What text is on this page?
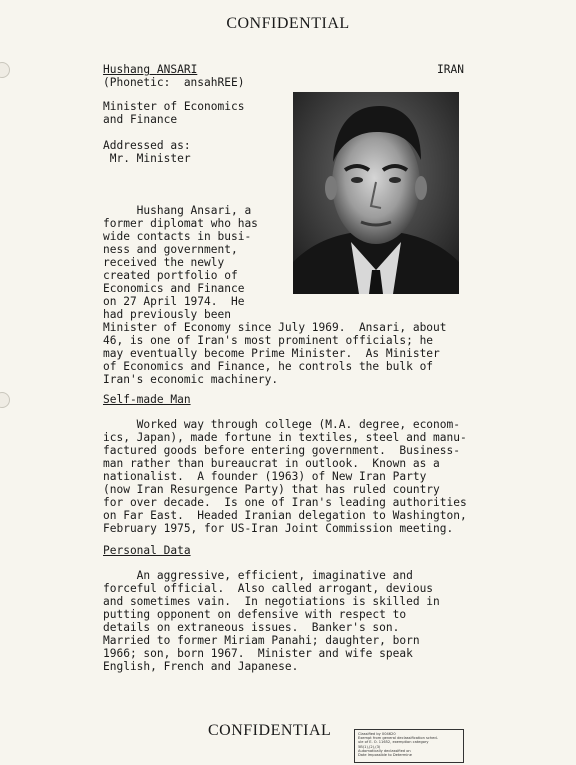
CONFIDENTIAL
Hushang ANSARI	IRAN
(Phonetic:  ansahREE)
Minister of Economics
and Finance
Addressed as:
Mr. Minister
Hushang Ansari, a
former diplomat who has
wide contacts in busi-
ness and government,
received the newly
created portfolio of
Economics and Finance
on 27 April 1974.  He
had previously been
Minister of Economy since July 1969.  Ansari, about
46, is one of Iran's most prominent officials; he
may eventually become Prime Minister.  As Minister
of Economics and Finance, he controls the bulk of
Iran's economic machinery.
Self-made Man
Worked way through college (M.A. degree, econom-
ics, Japan), made fortune in textiles, steel and manu-
factured goods before entering government.  Business-
man rather than bureaucrat in outlook.  Known as a
nationalist.  A founder (1963) of New Iran Party
(now Iran Resurgence Party) that has ruled country
for over decade.  Is one of Iran's leading authorities
on Far East.  Headed Iranian delegation to Washington,
February 1975, for US-Iran Joint Commission meeting.
Personal Data
An aggressive, efficient, imaginative and
forceful official.  Also called arrogant, devious
and sometimes vain.  In negotiations is skilled in
putting opponent on defensive with respect to
details on extraneous issues.  Banker's son.
Married to former Miriam Panahi; daughter, born
1966; son, born 1967.  Minister and wife speak
English, French and Japanese.
CONFIDENTIAL	Classified by 004620
Exempt from general declassification sched-
ule of E. O. 11652, exemption category
5B(1),(2),(3)
Automatically declassified on
Date Impossible to Determine
